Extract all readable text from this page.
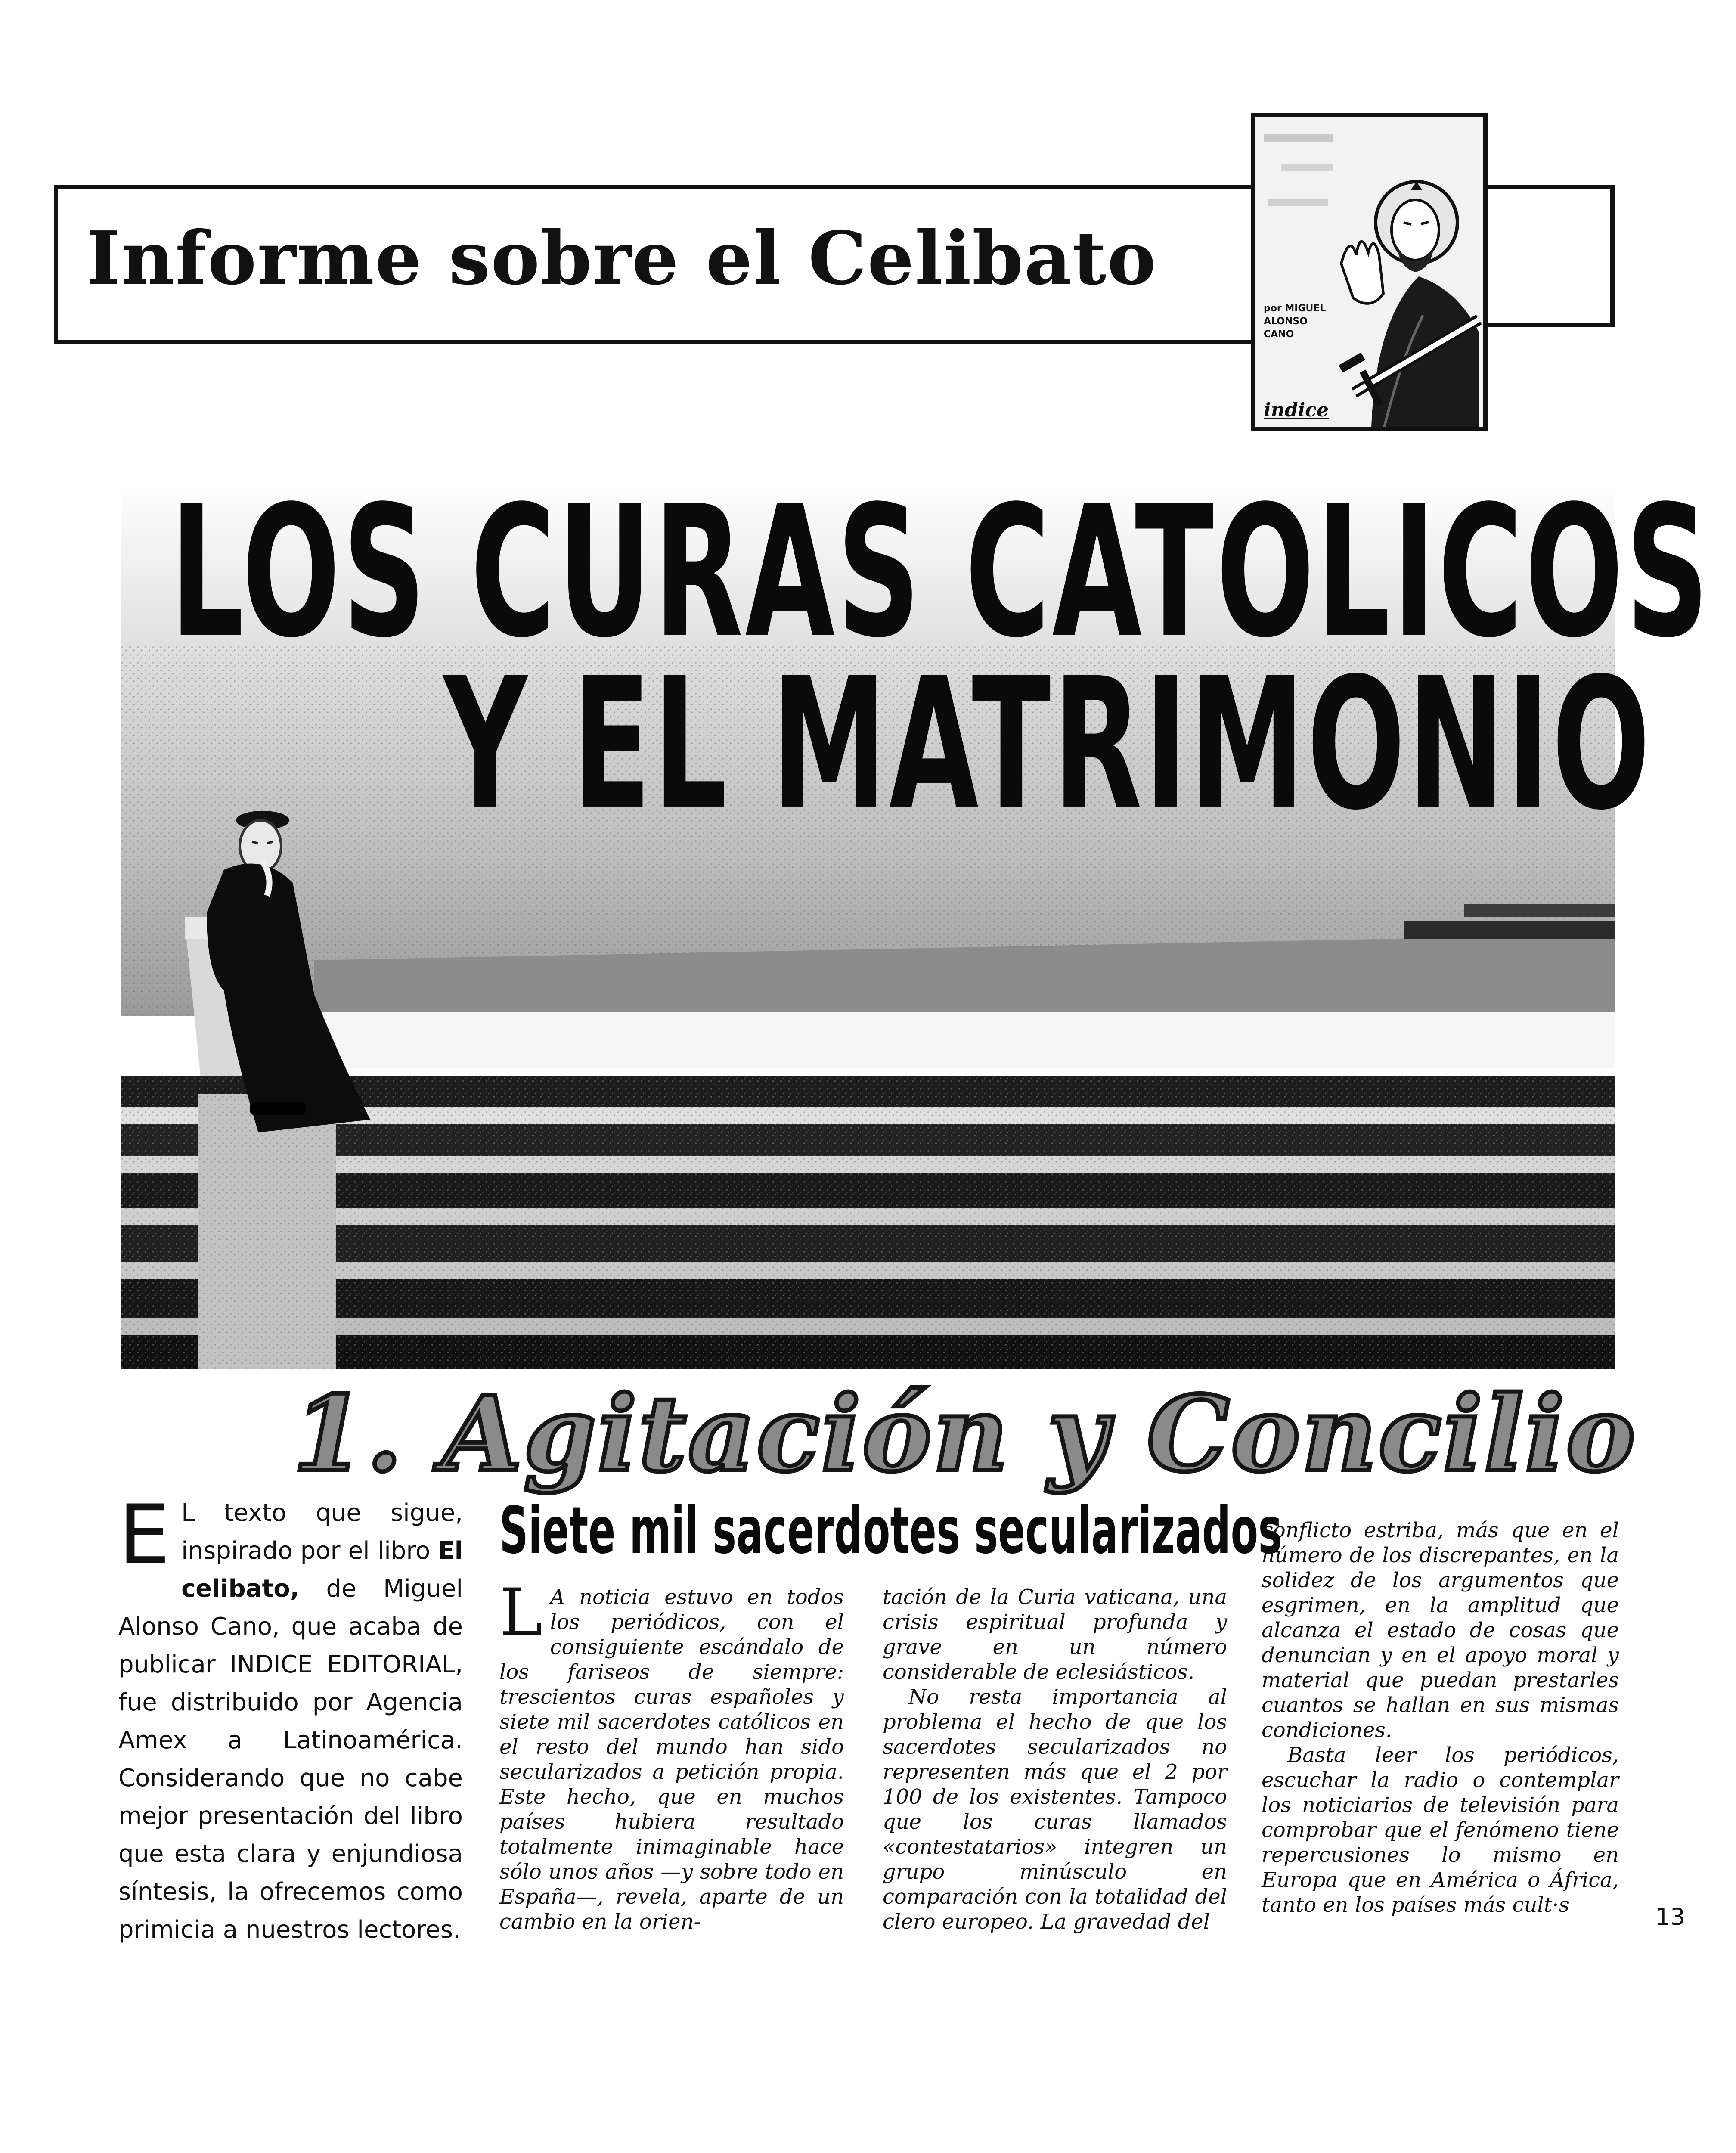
Informe sobre el Celibato
por MIGUEL ALONSO CANO
indice
LOS CURAS CATOLICOS
Y EL MATRIMONIO
1. Agitación y Concilio
E L texto que sigue, inspirado por el libro El celibato, de Miguel Alonso Cano, que acaba de publicar INDICE EDITORIAL, fue distribuido por Agencia Amex a Latinoamérica. Considerando que no cabe mejor presentación del libro que esta clara y enjundiosa síntesis, la ofrecemos como primicia a nuestros lectores.
Siete mil sacerdotes secularizados

L A noticia estuvo en todos los periódicos, con el consiguiente escándalo de los fariseos de siempre: trescientos curas españoles y siete mil sacerdotes católicos en el resto del mundo han sido secularizados a petición propia. Este hecho, que en muchos países hubiera resultado totalmente inimaginable hace sólo unos años —y sobre todo en España—, revela, aparte de un cambio en la orien-

tación de la Curia vaticana, una crisis espiritual profunda y grave en un número considerable de eclesiásticos.

No resta importancia al problema el hecho de que los sacerdotes secularizados no representen más que el 2 por 100 de los existentes. Tampoco que los curas llamados «contestatarios» integren un grupo minúsculo en comparación con la totalidad del clero europeo. La gravedad del

conflicto estriba, más que en el número de los discrepantes, en la solidez de los argumentos que esgrimen, en la amplitud que alcanza el estado de cosas que denuncian y en el apoyo moral y material que puedan prestarles cuantos se hallan en sus mismas condiciones.

Basta leer los periódicos, escuchar la radio o contemplar los noticiarios de televisión para comprobar que el fenómeno tiene repercusiones lo mismo en Europa que en América o África, tanto en los países más cult·s	13
